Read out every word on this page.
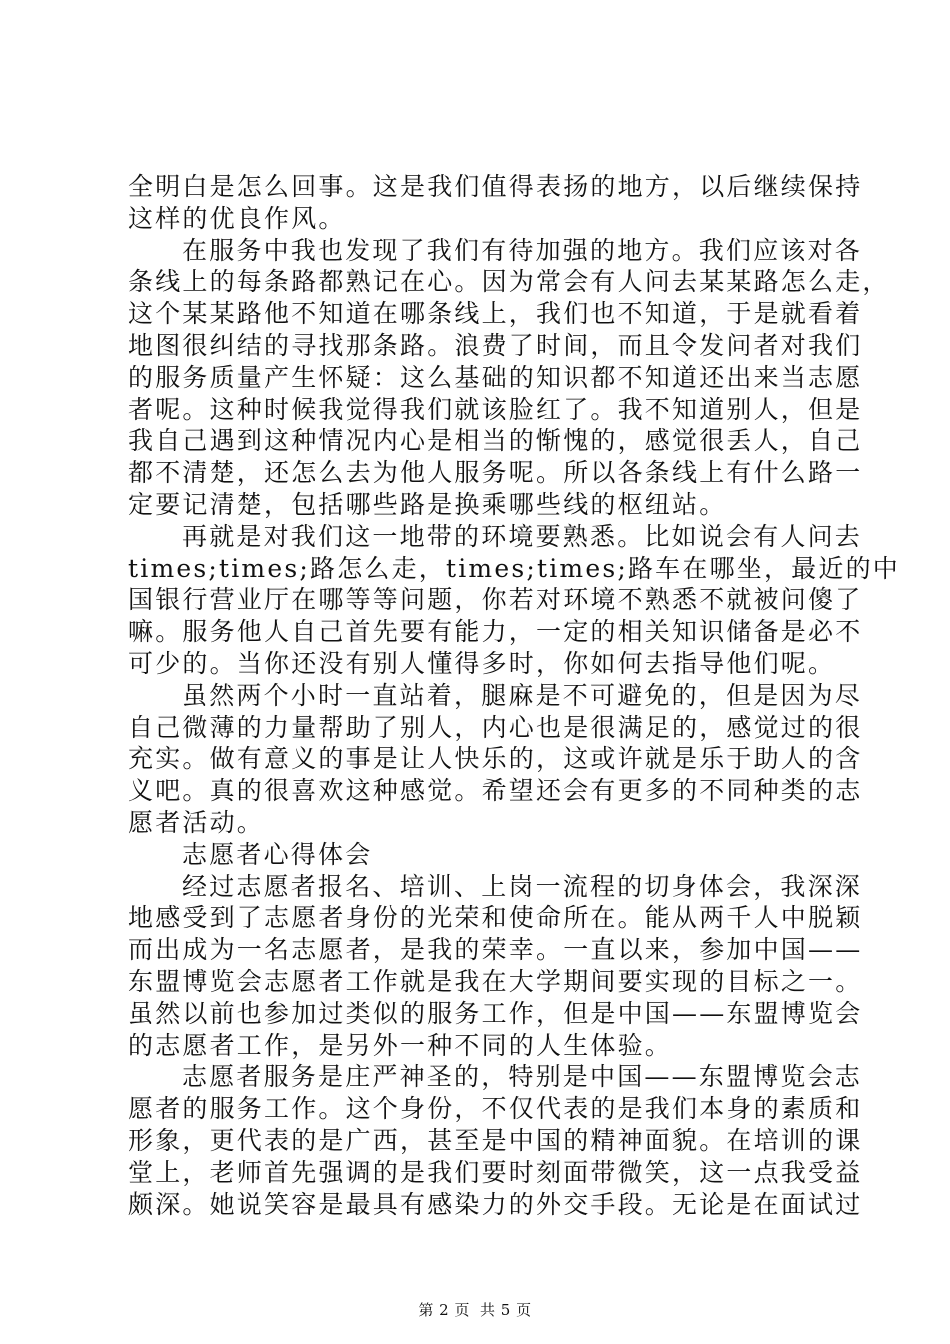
全明白是怎么回事。这是我们值得表扬的地方，以后继续保持
这样的优良作风。
在服务中我也发现了我们有待加强的地方。我们应该对各
条线上的每条路都熟记在心。因为常会有人问去某某路怎么走，
这个某某路他不知道在哪条线上，我们也不知道，于是就看着
地图很纠结的寻找那条路。浪费了时间，而且令发问者对我们
的服务质量产生怀疑：这么基础的知识都不知道还出来当志愿
者呢。这种时候我觉得我们就该脸红了。我不知道别人，但是
我自己遇到这种情况内心是相当的惭愧的，感觉很丢人，自己
都不清楚，还怎么去为他人服务呢。所以各条线上有什么路一
定要记清楚，包括哪些路是换乘哪些线的枢纽站。
再就是对我们这一地带的环境要熟悉。比如说会有人问去
times;times;路怎么走，times;times;路车在哪坐，最近的中
国银行营业厅在哪等等问题，你若对环境不熟悉不就被问傻了
嘛。服务他人自己首先要有能力，一定的相关知识储备是必不
可少的。当你还没有别人懂得多时，你如何去指导他们呢。
虽然两个小时一直站着，腿麻是不可避免的，但是因为尽
自己微薄的力量帮助了别人，内心也是很满足的，感觉过的很
充实。做有意义的事是让人快乐的，这或许就是乐于助人的含
义吧。真的很喜欢这种感觉。希望还会有更多的不同种类的志
愿者活动。
志愿者心得体会
经过志愿者报名、培训、上岗一流程的切身体会，我深深
地感受到了志愿者身份的光荣和使命所在。能从两千人中脱颖
而出成为一名志愿者，是我的荣幸。一直以来，参加中国——
东盟博览会志愿者工作就是我在大学期间要实现的目标之一。
虽然以前也参加过类似的服务工作，但是中国——东盟博览会
的志愿者工作，是另外一种不同的人生体验。
志愿者服务是庄严神圣的，特别是中国——东盟博览会志
愿者的服务工作。这个身份，不仅代表的是我们本身的素质和
形象，更代表的是广西，甚至是中国的精神面貌。在培训的课
堂上，老师首先强调的是我们要时刻面带微笑，这一点我受益
颇深。她说笑容是最具有感染力的外交手段。无论是在面试过
第 2 页 共 5 页
